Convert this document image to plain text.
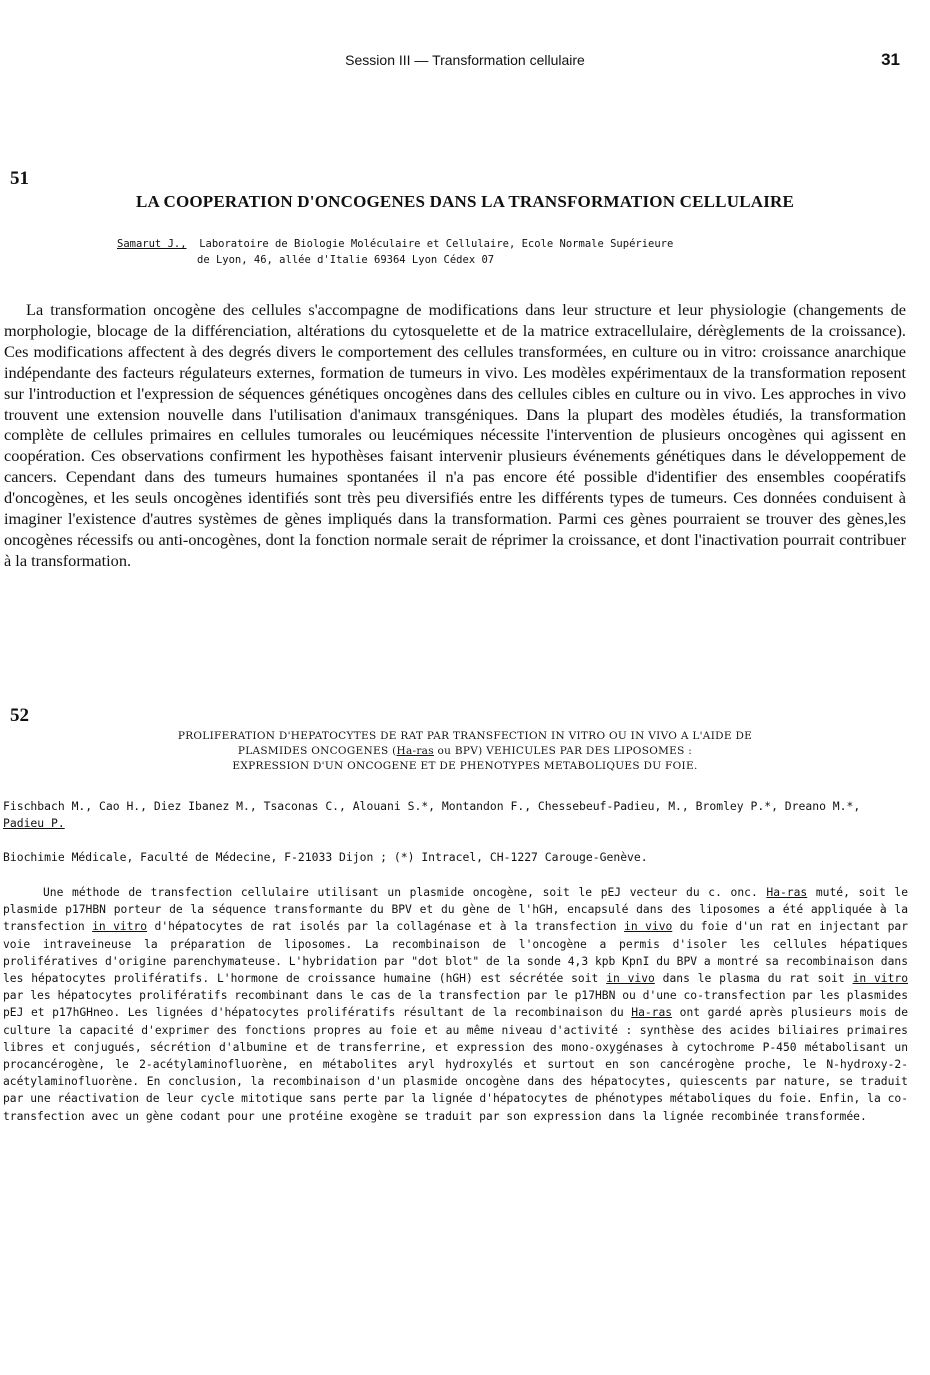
Session III — Transformation cellulaire	31
51
LA COOPERATION D'ONCOGENES DANS LA TRANSFORMATION CELLULAIRE
Samarut J., Laboratoire de Biologie Moléculaire et Cellulaire, Ecole Normale Supérieure
de Lyon, 46, allée d'Italie 69364 Lyon Cédex 07

La transformation oncogène des cellules s'accompagne de modifications dans leur structure et leur physiologie (changements de morphologie, blocage de la différenciation, altérations du cytosquelette et de la matrice extracellulaire, dérèglements de la croissance). Ces modifications affectent à des degrés divers le comportement des cellules transformées, en culture ou in vitro: croissance anarchique indépendante des facteurs régulateurs externes, formation de tumeurs in vivo. Les modèles expérimentaux de la transformation reposent sur l'introduction et l'expression de séquences génétiques oncogènes dans des cellules cibles en culture ou in vivo. Les approches in vivo trouvent une extension nouvelle dans l'utilisation d'animaux transgéniques. Dans la plupart des modèles étudiés, la transformation complète de cellules primaires en cellules tumorales ou leucémiques nécessite l'intervention de plusieurs oncogènes qui agissent en coopération. Ces observations confirment les hypothèses faisant intervenir plusieurs événements génétiques dans le développement de cancers. Cependant dans des tumeurs humaines spontanées il n'a pas encore été possible d'identifier des ensembles coopératifs d'oncogènes, et les seuls oncogènes identifiés sont très peu diversifiés entre les différents types de tumeurs. Ces données conduisent à imaginer l'existence d'autres systèmes de gènes impliqués dans la transformation. Parmi ces gènes pourraient se trouver des gènes,les oncogènes récessifs ou anti-oncogènes, dont la fonction normale serait de réprimer la croissance, et dont l'inactivation pourrait contribuer à la transformation.

52
PROLIFERATION D'HEPATOCYTES DE RAT PAR TRANSFECTION IN VITRO OU IN VIVO A L'AIDE DE
PLASMIDES ONCOGENES (Ha-ras ou BPV) VEHICULES PAR DES LIPOSOMES :
EXPRESSION D'UN ONCOGENE ET DE PHENOTYPES METABOLIQUES DU FOIE.
Fischbach M., Cao H., Diez Ibanez M., Tsaconas C., Alouani S.*, Montandon F., Chessebeuf-Padieu, M., Bromley P.*, Dreano M.*, Padieu P.
Biochimie Médicale, Faculté de Médecine, F-21033 Dijon ; (*) Intracel, CH-1227 Carouge-Genève.

Une méthode de transfection cellulaire utilisant un plasmide oncogène, soit le pEJ vecteur du c. onc. Ha-ras muté, soit le plasmide p17HBN porteur de la séquence transformante du BPV et du gène de l'hGH, encapsulé dans des liposomes a été appliquée à la transfection in vitro d'hépatocytes de rat isolés par la collagénase et à la transfection in vivo du foie d'un rat en injectant par voie intraveineuse la préparation de liposomes. La recombinaison de l'oncogène a permis d'isoler les cellules hépatiques prolifératives d'origine parenchymateuse. L'hybridation par "dot blot" de la sonde 4,3 kpb KpnI du BPV a montré sa recombinaison dans les hépatocytes prolifératifs. L'hormone de croissance humaine (hGH) est sécrétée soit in vivo dans le plasma du rat soit in vitro par les hépatocytes prolifératifs recombinant dans le cas de la transfection par le p17HBN ou d'une co-transfection par les plasmides pEJ et p17hGHneo. Les lignées d'hépatocytes prolifératifs résultant de la recombinaison du Ha-ras ont gardé après plusieurs mois de culture la capacité d'exprimer des fonctions propres au foie et au même niveau d'activité : synthèse des acides biliaires primaires libres et conjugués, sécrétion d'albumine et de transferrine, et expression des mono-oxygénases à cytochrome P-450 métabolisant un procancérogène, le 2-acétylaminofluorène, en métabolites aryl hydroxylés et surtout en son cancérogène proche, le N-hydroxy-2-acétylaminofluorène. En conclusion, la recombinaison d'un plasmide oncogène dans des hépatocytes, quiescents par nature, se traduit par une réactivation de leur cycle mitotique sans perte par la lignée d'hépatocytes de phénotypes métaboliques du foie. Enfin, la co-transfection avec un gène codant pour une protéine exogène se traduit par son expression dans la lignée recombinée transformée.
